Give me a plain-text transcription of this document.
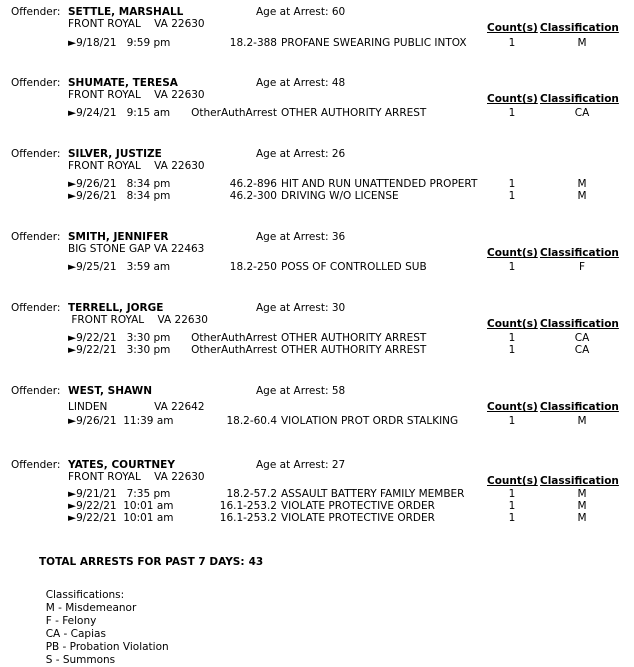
Offender: SETTLE, MARSHALL	Age at Arrest: 60
FRONT ROYAL    VA 22630	Count(s) Classification
►9/18/21   9:59 pm	18.2-388 PROFANE SWEARING PUBLIC INTOX	1	M
Offender: SHUMATE, TERESA	Age at Arrest: 48
FRONT ROYAL    VA 22630	Count(s) Classification
►9/24/21   9:15 am OtherAuthArrest OTHER AUTHORITY ARREST	1	CA
Offender: SILVER, JUSTIZE	Age at Arrest: 26
FRONT ROYAL    VA 22630
►9/26/21   8:34 pm	46.2-896 HIT AND RUN UNATTENDED PROPERT	1	M
►9/26/21   8:34 pm	46.2-300 DRIVING W/O LICENSE	1	M
Offender: SMITH, JENNIFER	Age at Arrest: 36
BIG STONE GAP VA 22463	Count(s) Classification
►9/25/21   3:59 am	18.2-250 POSS OF CONTROLLED SUB	1	F
Offender: TERRELL, JORGE	Age at Arrest: 30
FRONT ROYAL    VA 22630	Count(s) Classification
►9/22/21   3:30 pm OtherAuthArrest OTHER AUTHORITY ARREST	1	CA
►9/22/21   3:30 pm OtherAuthArrest OTHER AUTHORITY ARREST	1	CA
Offender: WEST, SHAWN	Age at Arrest: 58
LINDEN              VA 22642	Count(s) Classification
►9/26/21  11:39 am	18.2-60.4 VIOLATION PROT ORDR STALKING	1	M
Offender: YATES, COURTNEY	Age at Arrest: 27
FRONT ROYAL    VA 22630	Count(s) Classification
►9/21/21   7:35 pm	18.2-57.2 ASSAULT BATTERY FAMILY MEMBER	1	M
►9/22/21  10:01 am	16.1-253.2 VIOLATE PROTECTIVE ORDER	1	M
►9/22/21  10:01 am	16.1-253.2 VIOLATE PROTECTIVE ORDER	1	M
TOTAL ARRESTS FOR PAST 7 DAYS: 43

Classifications:
M - Misdemeanor
F - Felony
CA - Capias
PB - Probation Violation
S - Summons
